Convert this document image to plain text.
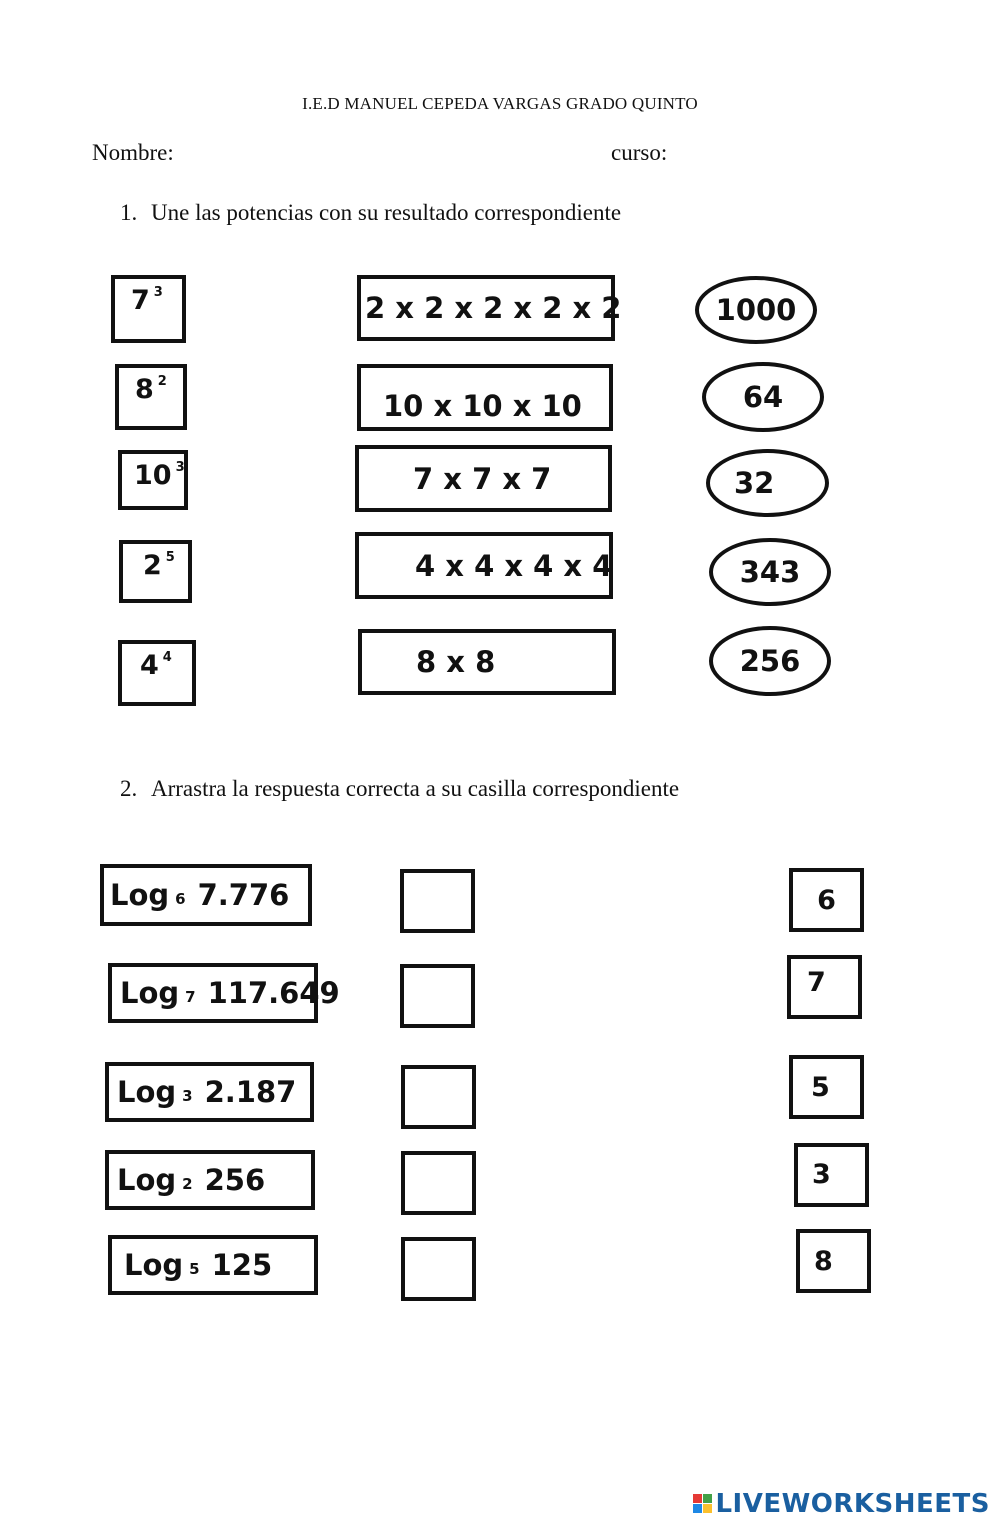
I.E.D MANUEL CEPEDA VARGAS GRADO QUINTO
Nombre:	curso:
1. Une las potencias con su resultado correspondiente
7 3
8 2
10 3
2 5
4 4
2 x 2 x 2 x 2 x 2
10 x 10 x 10
7 x 7 x 7
4 x 4 x 4 x 4
8 x 8
1000
64
32
343
256
2. Arrastra la respuesta correcta a su casilla correspondiente
Log 6 7.776
Log 7 117.649
Log 3 2.187
Log 2 256
Log 5 125
6
7
5
3
8
LIVEWORKSHEETS
